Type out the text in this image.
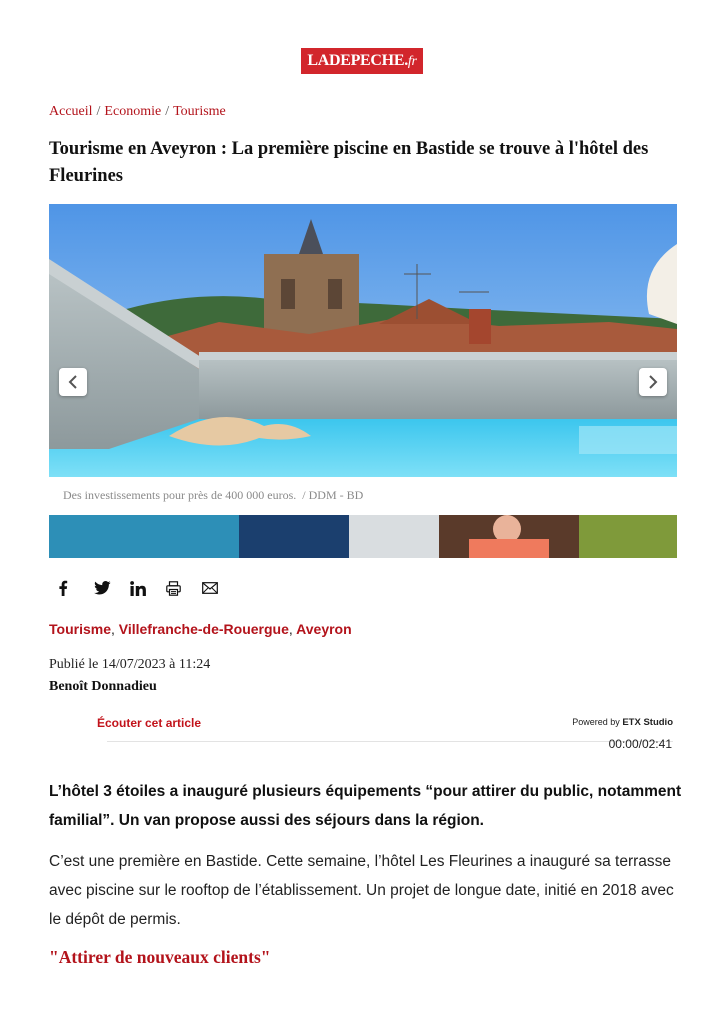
LADEPECHE.fr
Accueil / Economie / Tourisme
Tourisme en Aveyron : La première piscine en Bastide se trouve à l'hôtel des Fleurines
Des investissements pour près de 400 000 euros. / DDM - BD
Tourisme, Villefranche-de-Rouergue, Aveyron
Publié le 14/07/2023 à 11:24
Benoît Donnadieu
Écouter cet article	Powered by ETX Studio
00:00/02:41

L’hôtel 3 étoiles a inauguré plusieurs équipements “pour attirer du public, notamment familial”. Un van propose aussi des séjours dans la région.

C’est une première en Bastide. Cette semaine, l’hôtel Les Fleurines a inauguré sa terrasse avec piscine sur le rooftop de l’établissement. Un projet de longue date, initié en 2018 avec le dépôt de permis.

"Attirer de nouveaux clients"
